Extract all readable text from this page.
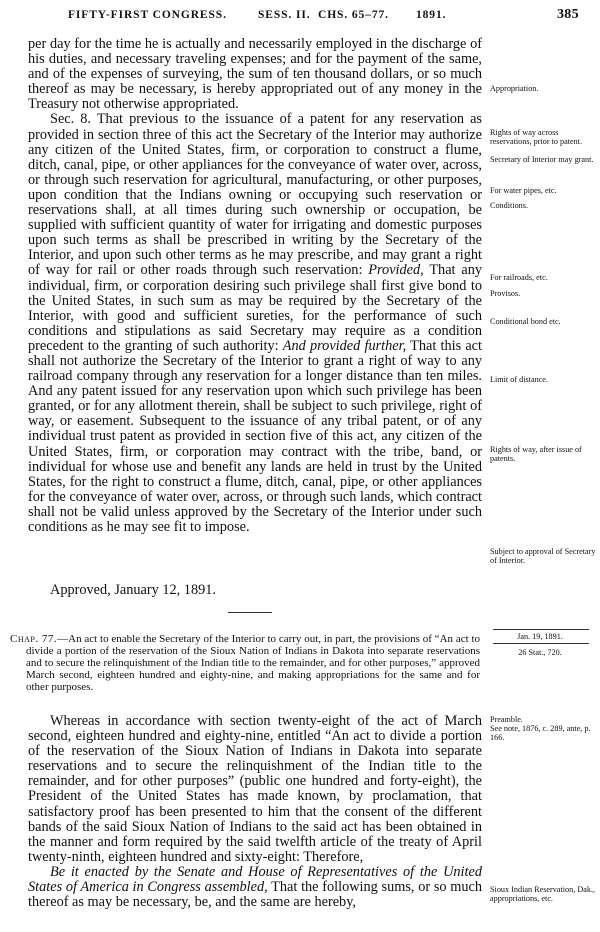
FIFTY-FIRST CONGRESS.	SESS. II. CHS. 65–77. 1891.	385

per day for the time he is actually and necessarily employed in the discharge of his duties, and necessary traveling expenses; and for the payment of the same, and of the expenses of surveying, the sum of ten thousand dollars, or so much thereof as may be necessary, is hereby appropriated out of any money in the Treasury not otherwise appropriated.

Sec. 8. That previous to the issuance of a patent for any reservation as provided in section three of this act the Secretary of the Interior may authorize any citizen of the United States, firm, or corporation to construct a flume, ditch, canal, pipe, or other appliances for the conveyance of water over, across, or through such reservation for agricultural, manufacturing, or other purposes, upon condition that the Indians owning or occupying such reservation or reservations shall, at all times during such ownership or occupation, be supplied with sufficient quantity of water for irrigating and domestic purposes upon such terms as shall be prescribed in writing by the Secretary of the Interior, and upon such other terms as he may prescribe, and may grant a right of way for rail or other roads through such reservation: Provided, That any individual, firm, or corporation desiring such privilege shall first give bond to the United States, in such sum as may be required by the Secretary of the Interior, with good and sufficient sureties, for the performance of such conditions and stipulations as said Secretary may require as a condition precedent to the granting of such authority: And provided further, That this act shall not authorize the Secretary of the Interior to grant a right of way to any railroad company through any reservation for a longer distance than ten miles. And any patent issued for any reservation upon which such privilege has been granted, or for any allotment therein, shall be subject to such privilege, right of way, or easement. Subsequent to the issuance of any tribal patent, or of any individual trust patent as provided in section five of this act, any citizen of the United States, firm, or corporation may contract with the tribe, band, or individual for whose use and benefit any lands are held in trust by the United States, for the right to construct a flume, ditch, canal, pipe, or other appliances for the conveyance of water over, across, or through such lands, which contract shall not be valid unless approved by the Secretary of the Interior under such conditions as he may see fit to impose.

Approved, January 12, 1891.

Chap. 77.—An act to enable the Secretary of the Interior to carry out, in part, the provisions of “An act to divide a portion of the reservation of the Sioux Nation of Indians in Dakota into separate reservations and to secure the relinquishment of the Indian title to the remainder, and for other purposes,” approved March second, eighteen hundred and eighty-nine, and making appropriations for the same and for other purposes.

Whereas in accordance with section twenty-eight of the act of March second, eighteen hundred and eighty-nine, entitled “An act to divide a portion of the reservation of the Sioux Nation of Indians in Dakota into separate reservations and to secure the relinquishment of the Indian title to the remainder, and for other purposes” (public one hundred and forty-eight), the President of the United States has made known, by proclamation, that satisfactory proof has been presented to him that the consent of the different bands of the said Sioux Nation of Indians to the said act has been obtained in the manner and form required by the said twelfth article of the treaty of April twenty-ninth, eighteen hundred and sixty-eight: Therefore,

Be it enacted by the Senate and House of Representatives of the United States of America in Congress assembled, That the following sums, or so much thereof as may be necessary, be, and the same are hereby,

Appropriation.
Rights of way across reservations, prior to patent.
Secretary of Interior may grant.
For water pipes, etc.
Conditions.
For railroads, etc.
Provisos.
Conditional bond etc.
Limit of distance.
Rights of way, after issue of patents.
Subject to approval of Secretary of Interior.
Jan. 19, 1891.
26 Stat., 720.
Preamble.
See note, 1876, c. 289, ante, p. 166.
Sioux Indian Reservation, Dak., appropriations, etc.
